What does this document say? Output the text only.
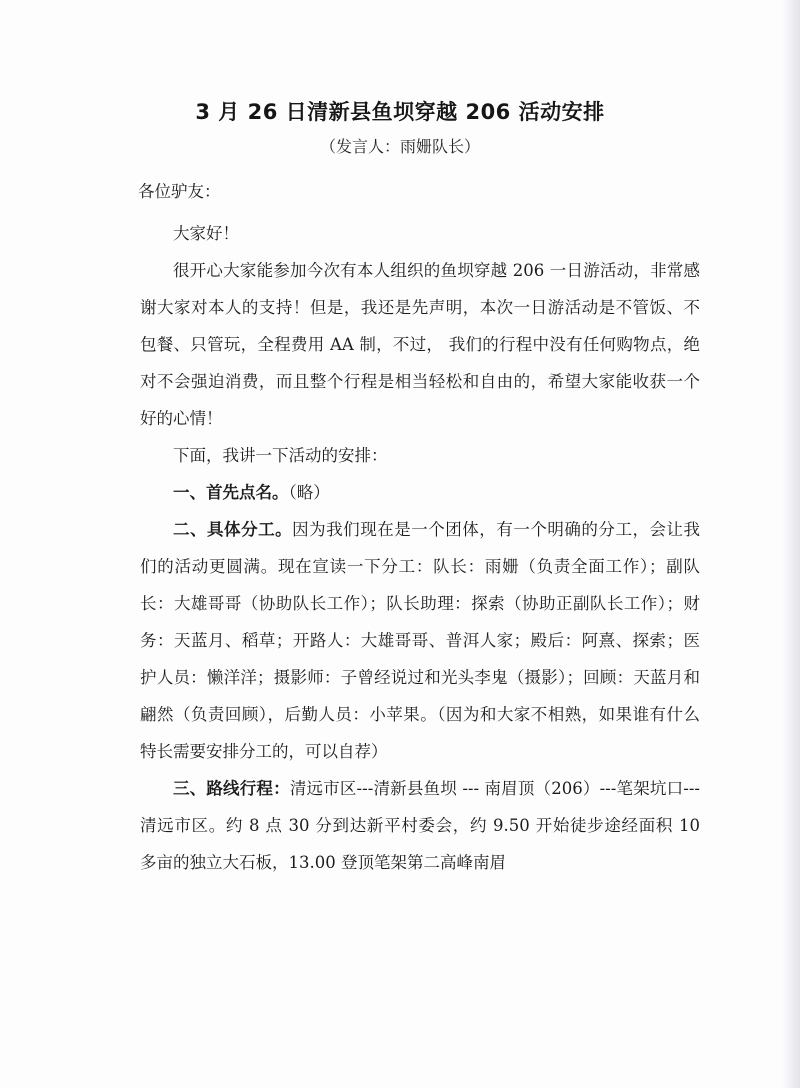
3 月 26 日清新县鱼坝穿越 206 活动安排
（发言人：雨姗队长）
各位驴友：

大家好！

很开心大家能参加今次有本人组织的鱼坝穿越 206 一日游活动，非常感谢大家对本人的支持！但是，我还是先声明，本次一日游活动是不管饭、不包餐、只管玩，全程费用 AA 制，不过， 我们的行程中没有任何购物点，绝对不会强迫消费，而且整个行程是相当轻松和自由的，希望大家能收获一个好的心情！

下面，我讲一下活动的安排：

一、首先点名。（略）

二、具体分工。因为我们现在是一个团体，有一个明确的分工，会让我们的活动更圆满。现在宣读一下分工：队长：雨姗（负责全面工作）；副队长：大雄哥哥（协助队长工作）；队长助理：探索（协助正副队长工作）；财务：天蓝月、稻草；开路人：大雄哥哥、普洱人家；殿后：阿熹、探索；医护人员：懒洋洋；摄影师：子曾经说过和光头李鬼（摄影）；回顾：天蓝月和翩然（负责回顾），后勤人员：小苹果。（因为和大家不相熟，如果谁有什么特长需要安排分工的，可以自荐）

三、路线行程：清远市区---清新县鱼坝 --- 南眉顶（206）---笔架坑口---清远市区。约 8 点 30 分到达新平村委会，约 9.50 开始徒步途经面积 10 多亩的独立大石板，13.00 登顶笔架第二高峰南眉
